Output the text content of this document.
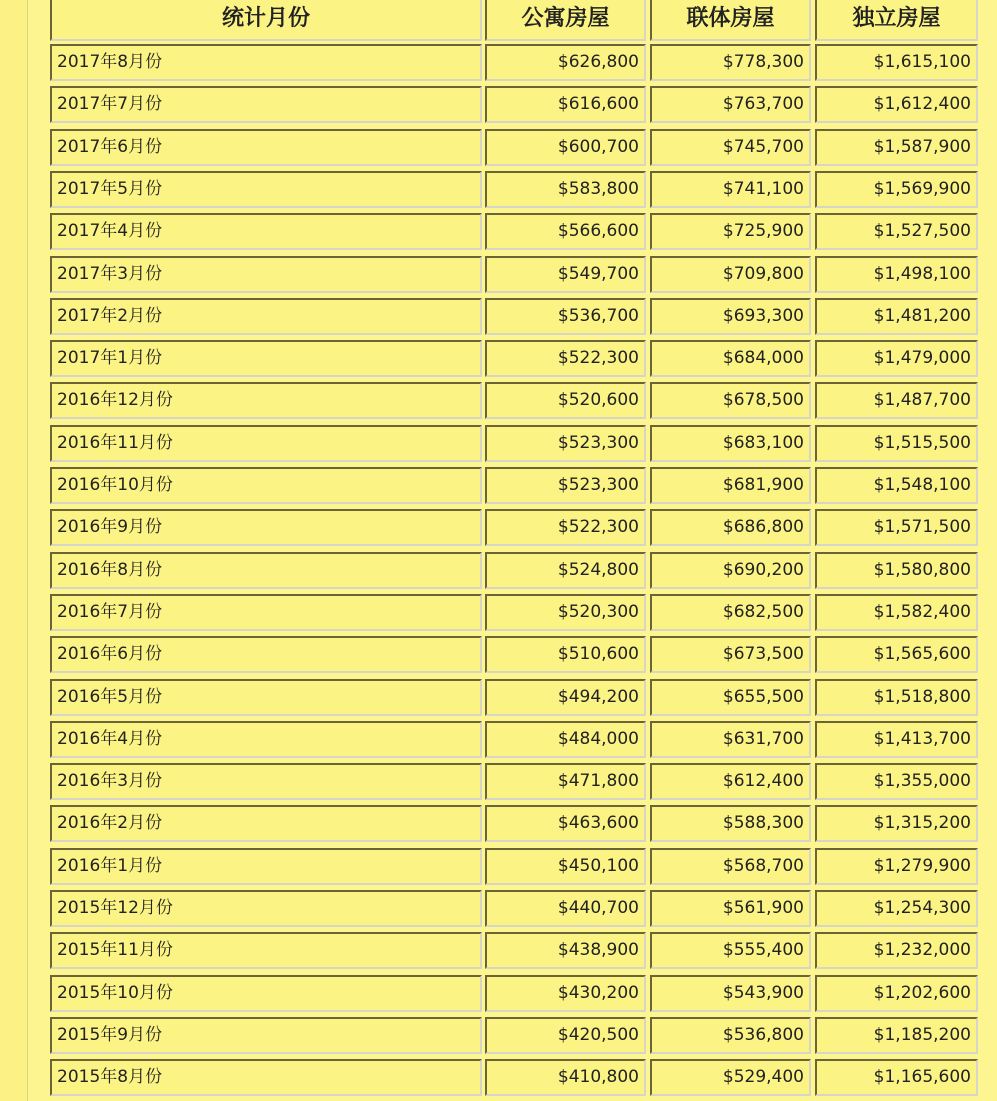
统计月份	公寓房屋	联体房屋	独立房屋
2017年8月份	$626,800	$778,300	$1,615,100
2017年7月份	$616,600	$763,700	$1,612,400
2017年6月份	$600,700	$745,700	$1,587,900
2017年5月份	$583,800	$741,100	$1,569,900
2017年4月份	$566,600	$725,900	$1,527,500
2017年3月份	$549,700	$709,800	$1,498,100
2017年2月份	$536,700	$693,300	$1,481,200
2017年1月份	$522,300	$684,000	$1,479,000
2016年12月份	$520,600	$678,500	$1,487,700
2016年11月份	$523,300	$683,100	$1,515,500
2016年10月份	$523,300	$681,900	$1,548,100
2016年9月份	$522,300	$686,800	$1,571,500
2016年8月份	$524,800	$690,200	$1,580,800
2016年7月份	$520,300	$682,500	$1,582,400
2016年6月份	$510,600	$673,500	$1,565,600
2016年5月份	$494,200	$655,500	$1,518,800
2016年4月份	$484,000	$631,700	$1,413,700
2016年3月份	$471,800	$612,400	$1,355,000
2016年2月份	$463,600	$588,300	$1,315,200
2016年1月份	$450,100	$568,700	$1,279,900
2015年12月份	$440,700	$561,900	$1,254,300
2015年11月份	$438,900	$555,400	$1,232,000
2015年10月份	$430,200	$543,900	$1,202,600
2015年9月份	$420,500	$536,800	$1,185,200
2015年8月份	$410,800	$529,400	$1,165,600
